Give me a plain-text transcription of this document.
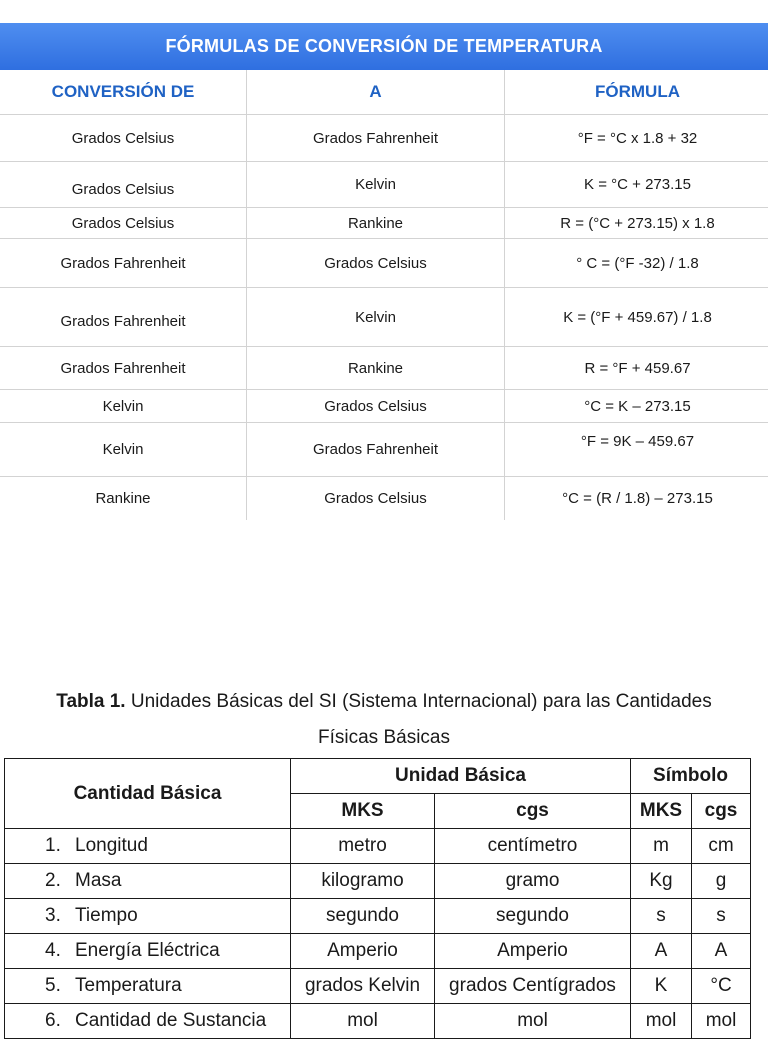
FÓRMULAS DE CONVERSIÓN DE TEMPERATURA
CONVERSIÓN DE	A	FÓRMULA
Grados Celsius	Grados Fahrenheit	°F = °C x 1.8 + 32
Grados Celsius	Kelvin	K = °C + 273.15
Grados Celsius	Rankine	R = (°C + 273.15) x 1.8
Grados Fahrenheit	Grados Celsius	° C = (°F -32) / 1.8
Grados Fahrenheit	Kelvin	K = (°F + 459.67) / 1.8
Grados Fahrenheit	Rankine	R = °F + 459.67
Kelvin	Grados Celsius	°C = K – 273.15
Kelvin	Grados Fahrenheit	°F = 9K – 459.67
Rankine	Grados Celsius	°C = (R / 1.8) – 273.15
Tabla 1. Unidades Básicas del SI (Sistema Internacional) para las Cantidades
Físicas Básicas
Cantidad Básica	Unidad Básica		Símbolo	
	MKS	cgs	MKS	cgs
1. Longitud	metro	centímetro	m	cm
2. Masa	kilogramo	gramo	Kg	g
3. Tiempo	segundo	segundo	s	s
4. Energía Eléctrica	Amperio	Amperio	A	A
5. Temperatura	grados Kelvin	grados Centígrados	K	°C
6. Cantidad de Sustancia	mol	mol	mol	mol
